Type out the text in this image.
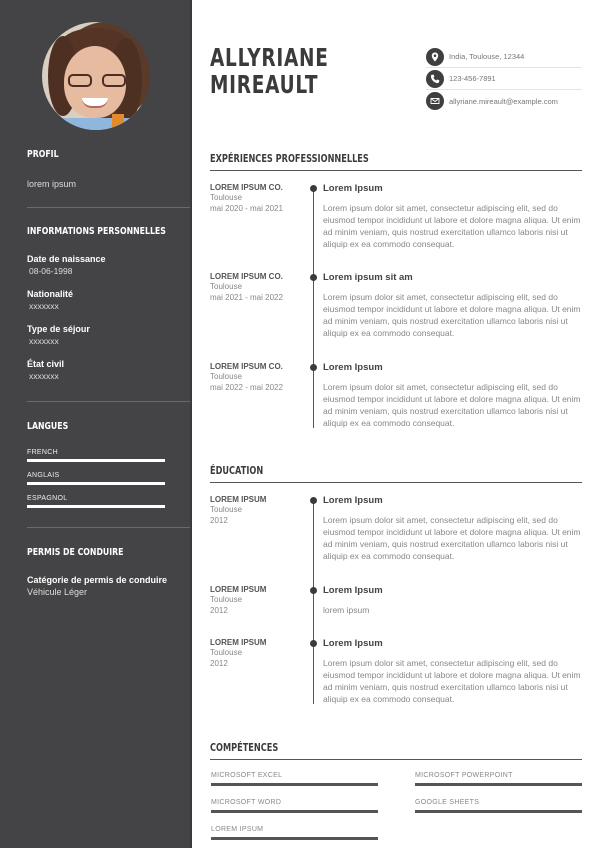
PROFIL
lorem ipsum
INFORMATIONS PERSONNELLES
Date de naissance
08-06-1998
Nationalité
xxxxxxx
Type de séjour
xxxxxxx
État civil
xxxxxxx
LANGUES
FRENCH
ANGLAIS
ESPAGNOL
PERMIS DE CONDUIRE
Catégorie de permis de conduire
Véhicule Léger
ALLYRIANE
MIREAULT
India, Toulouse, 12344
123-456-7891
allyriane.mireault@example.com
EXPÉRIENCES PROFESSIONNELLES
LOREM IPSUM CO.
Toulouse
mai 2020 - mai 2021
Lorem Ipsum
Lorem ipsum dolor sit amet, consectetur adipiscing elit, sed do eiusmod tempor incididunt ut labore et dolore magna aliqua. Ut enim ad minim veniam, quis nostrud exercitation ullamco laboris nisi ut aliquip ex ea commodo consequat.
LOREM IPSUM CO.
Toulouse
mai 2021 - mai 2022
Lorem ipsum sit am
Lorem ipsum dolor sit amet, consectetur adipiscing elit, sed do eiusmod tempor incididunt ut labore et dolore magna aliqua. Ut enim ad minim veniam, quis nostrud exercitation ullamco laboris nisi ut aliquip ex ea commodo consequat.
LOREM IPSUM CO.
Toulouse
mai 2022 - mai 2022
Lorem Ipsum
Lorem ipsum dolor sit amet, consectetur adipiscing elit, sed do eiusmod tempor incididunt ut labore et dolore magna aliqua. Ut enim ad minim veniam, quis nostrud exercitation ullamco laboris nisi ut aliquip ex ea commodo consequat.
ÉDUCATION
LOREM IPSUM
Toulouse
2012
Lorem Ipsum
Lorem ipsum dolor sit amet, consectetur adipiscing elit, sed do eiusmod tempor incididunt ut labore et dolore magna aliqua. Ut enim ad minim veniam, quis nostrud exercitation ullamco laboris nisi ut aliquip ex ea commodo consequat.
LOREM IPSUM
Toulouse
2012
Lorem Ipsum
lorem ipsum
LOREM IPSUM
Toulouse
2012
Lorem Ipsum
Lorem ipsum dolor sit amet, consectetur adipiscing elit, sed do eiusmod tempor incididunt ut labore et dolore magna aliqua. Ut enim ad minim veniam, quis nostrud exercitation ullamco laboris nisi ut aliquip ex ea commodo consequat.
COMPÉTENCES
MICROSOFT EXCEL	MICROSOFT POWERPOINT
MICROSOFT WORD	GOOGLE SHEETS
LOREM IPSUM
